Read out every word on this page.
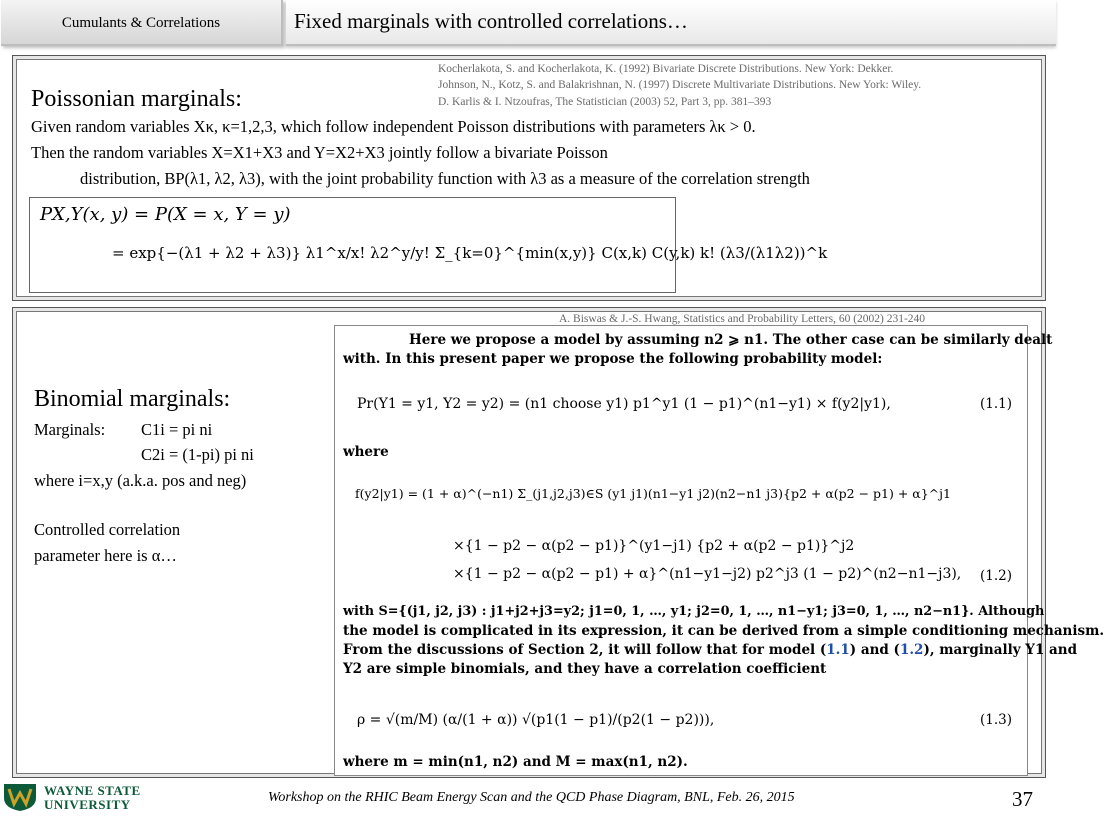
Cumulants & Correlations	Fixed marginals with controlled correlations…
Kocherlakota, S. and Kocherlakota, K. (1992) Bivariate Discrete Distributions. New York: Dekker.
Johnson, N., Kotz, S. and Balakrishnan, N. (1997) Discrete Multivariate Distributions. New York: Wiley.
D. Karlis & I. Ntzoufras, The Statistician (2003) 52, Part 3, pp. 381–393
Poissonian marginals:
Given random variables Xκ, κ=1,2,3, which follow independent Poisson distributions with parameters λκ > 0.
Then the random variables X=X1+X3 and Y=X2+X3 jointly follow a bivariate Poisson
distribution, BP(λ1, λ2, λ3), with the joint probability function with λ3 as a measure of the correlation strength
PX,Y(x, y) = P(X = x, Y = y)
= exp{−(λ1 + λ2 + λ3)} λ1^x/x! λ2^y/y! Σ_{k=0}^{min(x,y)} C(x,k) C(y,k) k! (λ3/(λ1λ2))^k
A. Biswas & J.-S. Hwang, Statistics and Probability Letters, 60 (2002) 231-240
Binomial marginals:
Marginals: C1i = pi ni
C2i = (1-pi) pi ni
where i=x,y (a.k.a. pos and neg)
Controlled correlation
parameter here is α…
Here we propose a model by assuming n2 ⩾ n1. The other case can be similarly dealt
with. In this present paper we propose the following probability model:
Pr(Y1 = y1, Y2 = y2) = (n1 choose y1) p1^y1 (1 − p1)^(n1−y1) × f(y2|y1),	(1.1)
where
f(y2|y1) = (1 + α)^(−n1) Σ_(j1,j2,j3)∈S (y1 j1)(n1−y1 j2)(n2−n1 j3){p2 + α(p2 − p1) + α}^j1
×{1 − p2 − α(p2 − p1)}^(y1−j1) {p2 + α(p2 − p1)}^j2
×{1 − p2 − α(p2 − p1) + α}^(n1−y1−j2) p2^j3 (1 − p2)^(n2−n1−j3), (1.2)
with S={(j1, j2, j3) : j1+j2+j3=y2; j1=0, 1, …, y1; j2=0, 1, …, n1−y1; j3=0, 1, …, n2−n1}. Although
the model is complicated in its expression, it can be derived from a simple conditioning mechanism.
From the discussions of Section 2, it will follow that for model (1.1) and (1.2), marginally Y1 and
Y2 are simple binomials, and they have a correlation coefficient
ρ = √(m/M) (α/(1 + α)) √(p1(1 − p1)/(p2(1 − p2))),	(1.3)
where m = min(n1, n2) and M = max(n1, n2).
WAYNE STATE
UNIVERSITY	Workshop on the RHIC Beam Energy Scan and the QCD Phase Diagram, BNL, Feb. 26, 2015	37
